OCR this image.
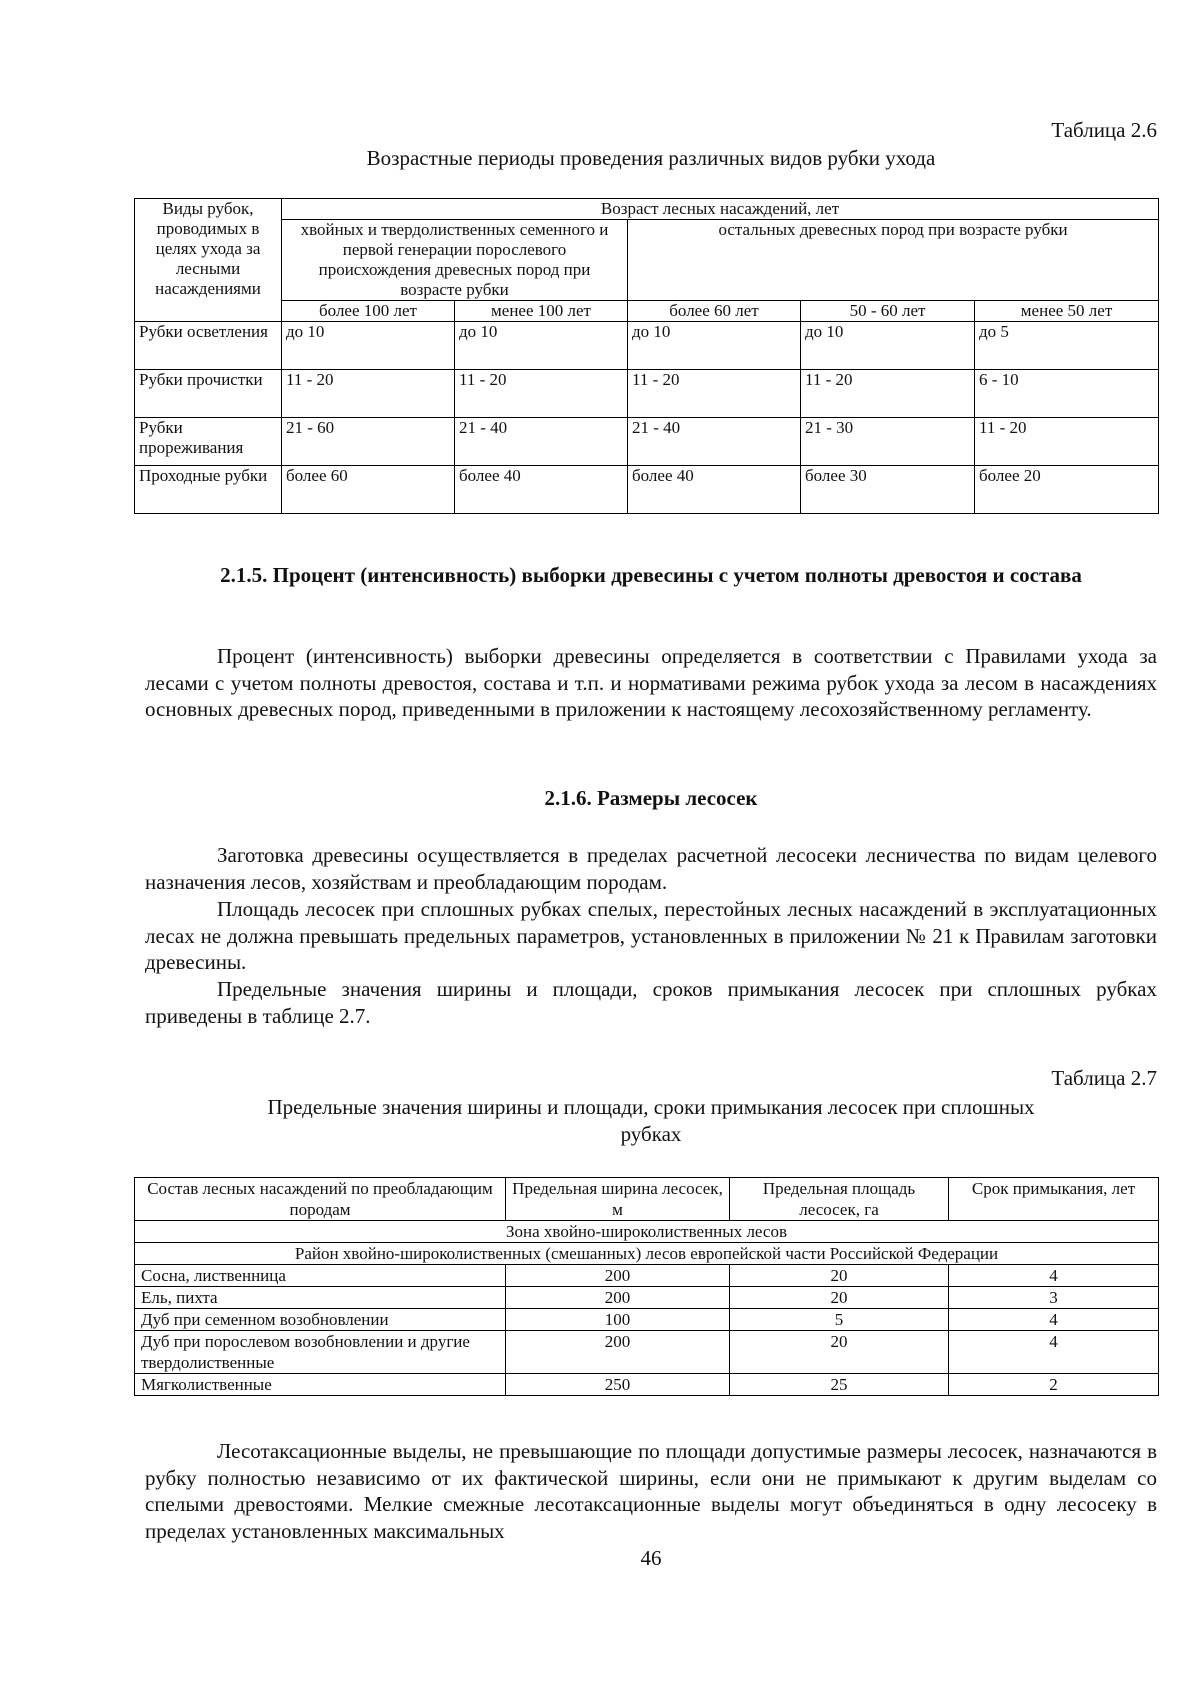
Таблица 2.6
Возрастные периоды проведения различных видов рубки ухода
Виды рубок, проводимых в целях ухода за лесными насаждениями	Возраст лесных насаждений, лет				
	хвойных и твердолиственных семенного и первой генерации порослевого происхождения древесных пород при возрасте рубки		остальных древесных пород при возрасте рубки		
	более 100 лет	менее 100 лет	более 60 лет	50 - 60 лет	менее 50 лет
Рубки осветления	до 10	до 10	до 10	до 10	до 5
Рубки прочистки	11 - 20	11 - 20	11 - 20	11 - 20	6 - 10
Рубки прореживания	21 - 60	21 - 40	21 - 40	21 - 30	11 - 20
Проходные рубки	более 60	более 40	более 40	более 30	более 20
2.1.5. Процент (интенсивность) выборки древесины с учетом полноты древостоя и состава
Процент (интенсивность) выборки древесины определяется в соответствии с Правилами ухода за лесами с учетом полноты древостоя, состава и т.п. и нормативами режима рубок ухода за лесом в насаждениях основных древесных пород, приведенными в приложении к настоящему лесохозяйственному регламенту.
2.1.6. Размеры лесосек
Заготовка древесины осуществляется в пределах расчетной лесосеки лесничества по видам целевого назначения лесов, хозяйствам и преобладающим породам.
Площадь лесосек при сплошных рубках спелых, перестойных лесных насаждений в эксплуатационных лесах не должна превышать предельных параметров, установленных в приложении № 21 к Правилам заготовки древесины.
Предельные значения ширины и площади, сроков примыкания лесосек при сплошных рубках приведены в таблице 2.7.
Таблица 2.7
Предельные значения ширины и площади, сроки примыкания лесосек при сплошных
рубках
Состав лесных насаждений по преобладающим породам	Предельная ширина лесосек, м	Предельная площадь лесосек, га	Срок примыкания, лет
Зона хвойно-широколиственных лесов			
Район хвойно-широколиственных (смешанных) лесов европейской части Российской Федерации			
Сосна, лиственница	200	20	4
Ель, пихта	200	20	3
Дуб при семенном возобновлении	100	5	4
Дуб при порослевом возобновлении и другие твердолиственные	200	20	4
Мягколиственные	250	25	2
Лесотаксационные выделы, не превышающие по площади допустимые размеры лесосек, назначаются в рубку полностью независимо от их фактической ширины, если они не примыкают к другим выделам со спелыми древостоями. Мелкие смежные лесотаксационные выделы могут объединяться в одну лесосеку в пределах установленных максимальных
46
